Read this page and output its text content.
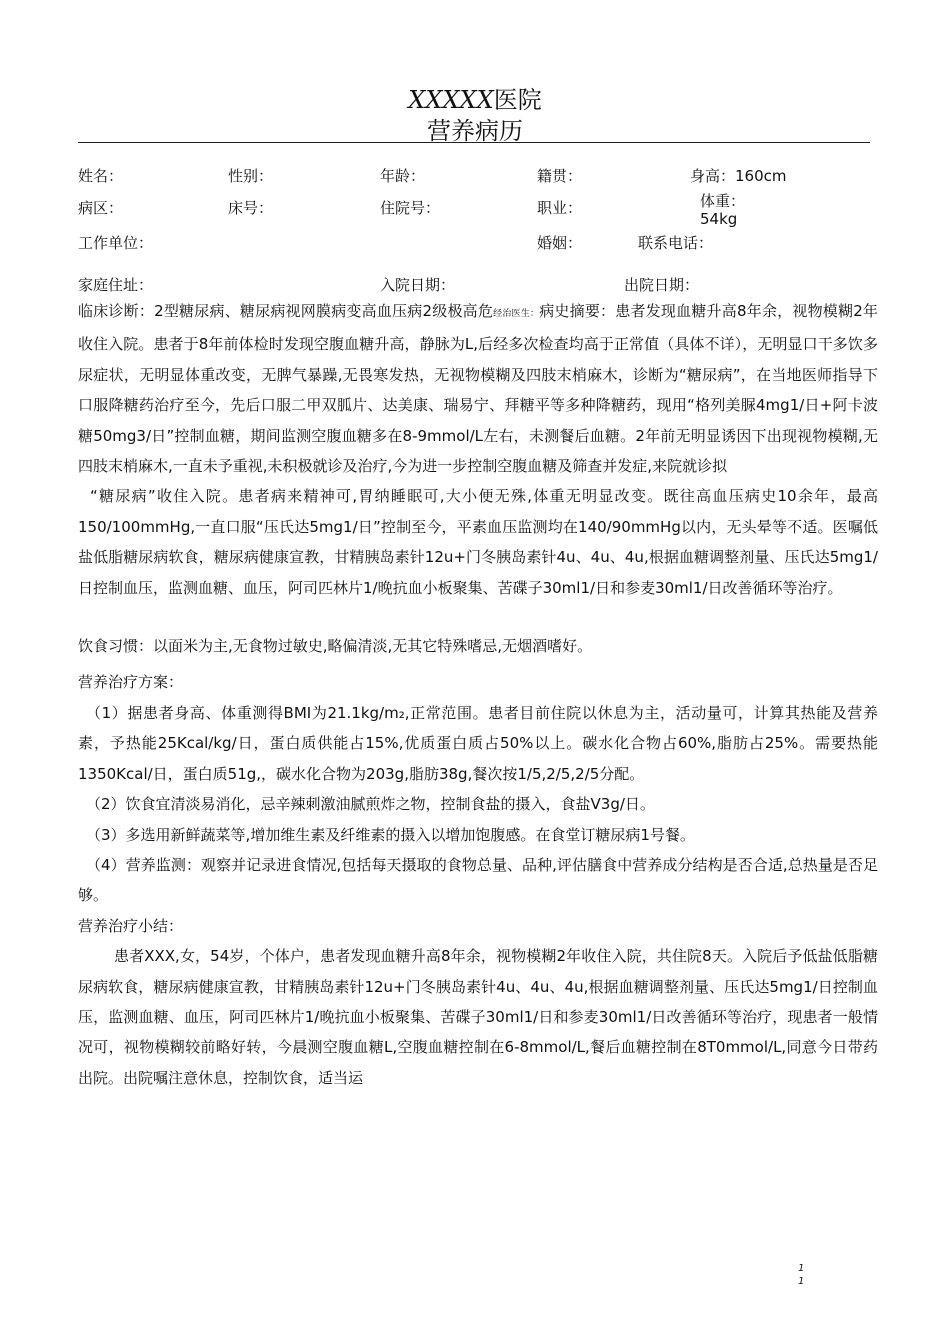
XXXXX医院
营养病历
姓名：	性别：	年龄：	籍贯：	身高：160cm
病区：	床号：	住院号：	职业：	体重：
54kg
工作单位：	婚姻：	联系电话：
家庭住址：	入院日期：	出院日期：

临床诊断：2型糖尿病、糖尿病视网膜病变高血压病2级极高危经治医生：病史摘要：患者发现血糖升高8年余，视物模糊2年收住入院。患者于8年前体检时发现空腹血糖升高，静脉为L,后经多次检查均高于正常值（具体不详），无明显口干多饮多尿症状，无明显体重改变，无脾气暴躁,无畏寒发热，无视物模糊及四肢末梢麻木，诊断为“糖尿病”，在当地医师指导下口服降糖药治疗至今，先后口服二甲双胍片、达美康、瑞易宁、拜糖平等多种降糖药，现用“格列美脲4mg1/日+阿卡波糖50mg3/日”控制血糖，期间监测空腹血糖多在8-9mmol/L左右，未测餐后血糖。2年前无明显诱因下出现视物模糊,无四肢末梢麻木,一直未予重视,未积极就诊及治疗,今为进一步控制空腹血糖及筛查并发症,来院就诊拟

“糖尿病”收住入院。患者病来精神可,胃纳睡眠可,大小便无殊,体重无明显改变。既往高血压病史10余年，最高150/100mmHg,一直口服“压氏达5mg1/日”控制至今，平素血压监测均在140/90mmHg以内，无头晕等不适。医嘱低盐低脂糖尿病软食，糖尿病健康宣教，甘精胰岛素针12u+门冬胰岛素针4u、4u、4u,根据血糖调整剂量、压氏达5mg1/日控制血压，监测血糖、血压，阿司匹林片1/晚抗血小板聚集、苦碟子30ml1/日和参麦30ml1/日改善循环等治疗。

饮食习惯：以面米为主,无食物过敏史,略偏清淡,无其它特殊嗜忌,无烟酒嗜好。

营养治疗方案：

（1）据患者身高、体重测得BMI为21.1kg/m₂,正常范围。患者目前住院以休息为主，活动量可，计算其热能及营养素，予热能25Kcal/kg/日，蛋白质供能占15%,优质蛋白质占50%以上。碳水化合物占60%,脂肪占25%。需要热能1350Kcal/日，蛋白质51g,，碳水化合物为203g,脂肪38g,餐次按1/5,2/5,2/5分配。

（2）饮食宜清淡易消化，忌辛辣刺激油腻煎炸之物，控制食盐的摄入，食盐V3g/日。

（3）多选用新鲜蔬菜等,增加维生素及纤维素的摄入以增加饱腹感。在食堂订糖尿病1号餐。

（4）营养监测：观察并记录进食情况,包括每天摄取的食物总量、品种,评估膳食中营养成分结构是否合适,总热量是否足够。

营养治疗小结：

患者XXX,女，54岁，个体户，患者发现血糖升高8年余，视物模糊2年收住入院，共住院8天。入院后予低盐低脂糖尿病软食，糖尿病健康宣教，甘精胰岛素针12u+门冬胰岛素针4u、4u、4u,根据血糖调整剂量、压氏达5mg1/日控制血压，监测血糖、血压，阿司匹林片1/晚抗血小板聚集、苦碟子30ml1/日和参麦30ml1/日改善循环等治疗，现患者一般情况可，视物模糊较前略好转，今晨测空腹血糖L,空腹血糖控制在6-8mmol/L,餐后血糖控制在8T0mmol/L,同意今日带药出院。出院嘱注意休息，控制饮食，适当运

1
1
